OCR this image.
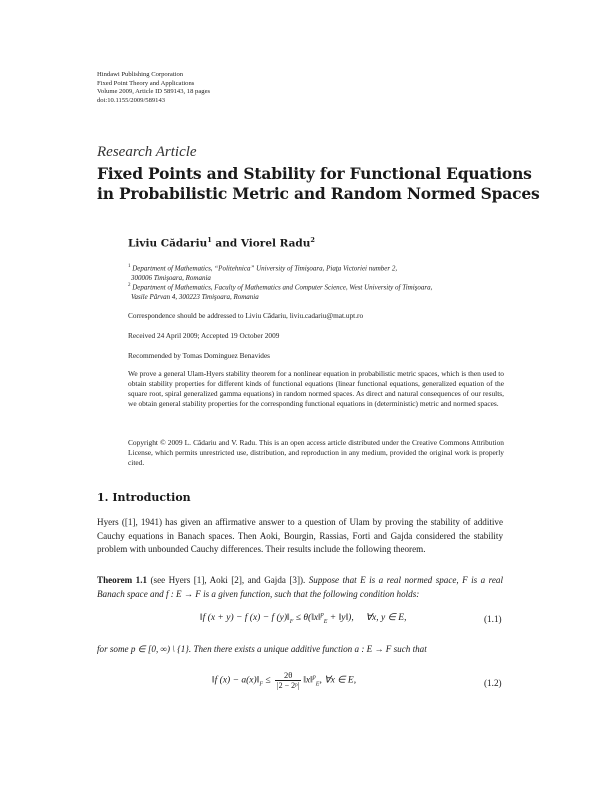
Hindawi Publishing Corporation
Fixed Point Theory and Applications
Volume 2009, Article ID 589143, 18 pages
doi:10.1155/2009/589143
Research Article
Fixed Points and Stability for Functional Equations
in Probabilistic Metric and Random Normed Spaces
Liviu Cădariu$^1$ and Viorel Radu$^2$
$^1$ Department of Mathematics, “Politehnica” University of Timişoara, Piaţa Victoriei number 2,
300006 Timişoara, Romania
$^2$ Department of Mathematics, Faculty of Mathematics and Computer Science, West University of Timişoara,
Vasile Pârvan 4, 300223 Timişoara, Romania
Correspondence should be addressed to Liviu Cădariu, liviu.cadariu@mat.upt.ro
Received 24 April 2009; Accepted 19 October 2009
Recommended by Tomas Dominguez Benavides
We prove a general Ulam-Hyers stability theorem for a nonlinear equation in probabilistic metric spaces, which is then used to obtain stability properties for different kinds of functional equations (linear functional equations, generalized equation of the square root, spiral generalized gamma equations) in random normed spaces. As direct and natural consequences of our results, we obtain general stability properties for the corresponding functional equations in (deterministic) metric and normed spaces.
Copyright © 2009 L. Cădariu and V. Radu. This is an open access article distributed under the Creative Commons Attribution License, which permits unrestricted use, distribution, and reproduction in any medium, provided the original work is properly cited.
1. Introduction
Hyers ([1], 1941) has given an affirmative answer to a question of Ulam by proving the stability of additive Cauchy equations in Banach spaces. Then Aoki, Bourgin, Rassias, Forti and Gajda considered the stability problem with unbounded Cauchy differences. Their results include the following theorem.
Theorem 1.1 (see Hyers [1], Aoki [2], and Gajda [3]). Suppose that E is a real normed space, F is a real Banach space and f : E → F is a given function, such that the following condition holds:
‖f (x + y) − f (x) − f $(y)‖_F$ ≤ θ(‖x‖$^p_E$ + ‖y‖),     ∀x, y ∈ E,	(1.1)
for some p ∈ [0, ∞) \ {1}. Then there exists a unique additive function a : E → F such that
‖f $(x) - a(x)‖_F \le \frac{2\theta}{\text{|2 − 2ᵖ|}}$ ‖x‖$^p_E$, ∀x ∈ E,	(1.2)
